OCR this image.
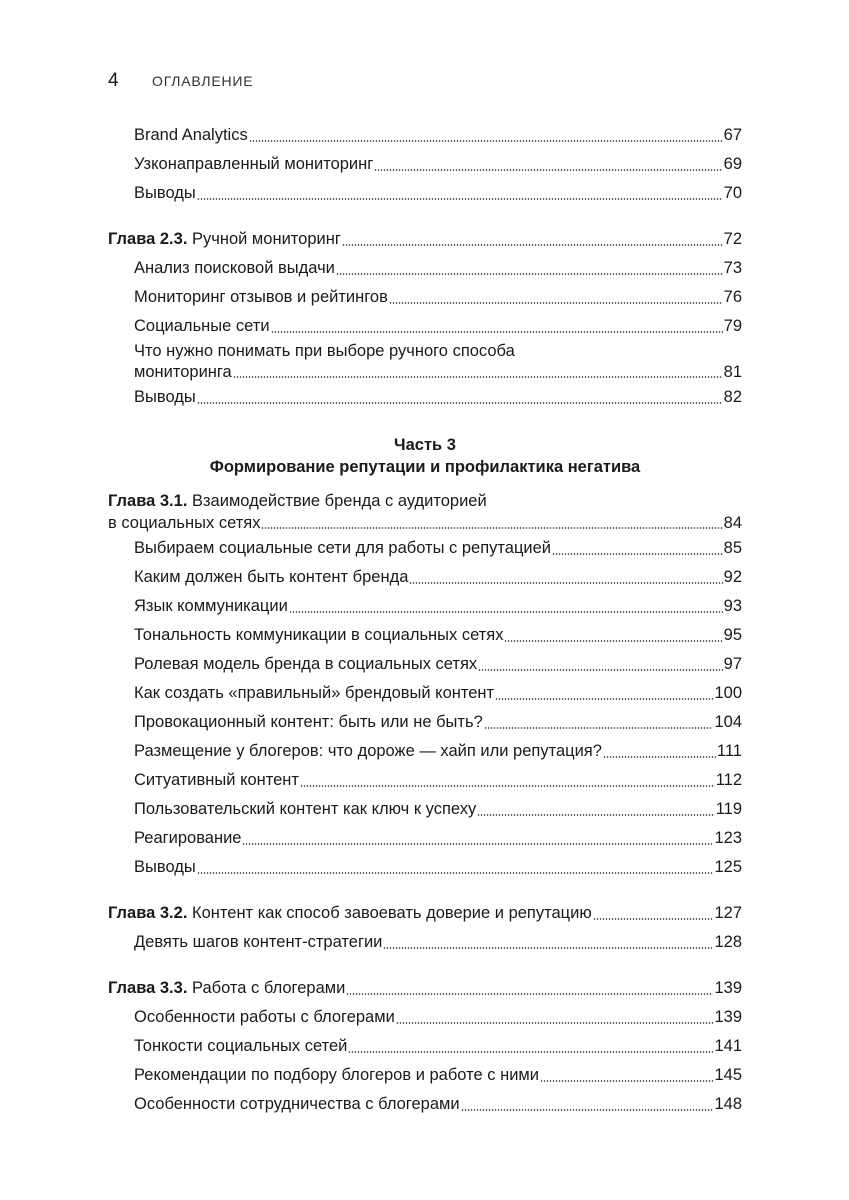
4	ОГЛАВЛЕНИЕ
Brand Analytics	67
Узконаправленный мониторинг	69
Выводы	70
Глава 2.3. Ручной мониторинг	72
Анализ поисковой выдачи	73
Мониторинг отзывов и рейтингов	76
Социальные сети	79
Что нужно понимать при выборе ручного способа
мониторинга	81
Выводы	82
Часть 3
Формирование репутации и профилактика негатива
Глава 3.1. Взаимодействие бренда с аудиторией
в социальных сетях	84
Выбираем социальные сети для работы с репутацией	85
Каким должен быть контент бренда	92
Язык коммуникации	93
Тональность коммуникации в социальных сетях	95
Ролевая модель бренда в социальных сетях	97
Как создать «правильный» брендовый контент	100
Провокационный контент: быть или не быть?	104
Размещение у блогеров: что дороже — хайп или репутация?	111
Ситуативный контент	112
Пользовательский контент как ключ к успеху	119
Реагирование	123
Выводы	125
Глава 3.2. Контент как способ завоевать доверие и репутацию	127
Девять шагов контент-стратегии	128
Глава 3.3. Работа с блогерами	139
Особенности работы с блогерами	139
Тонкости социальных сетей	141
Рекомендации по подбору блогеров и работе с ними	145
Особенности сотрудничества с блогерами	148
